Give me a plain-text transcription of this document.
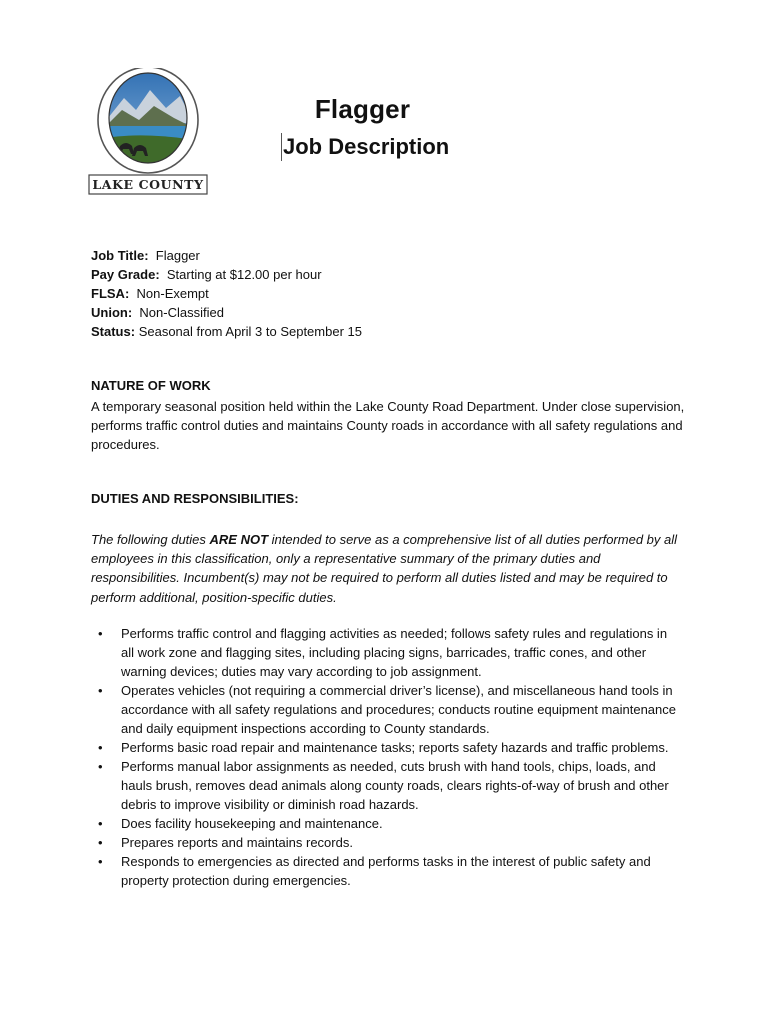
LAKE COUNTY
Flagger
Job Description
Job Title: Flagger
Pay Grade: Starting at $12.00 per hour
FLSA: Non-Exempt
Union: Non-Classified
Status: Seasonal from April 3 to September 15
NATURE OF WORK
A temporary seasonal position held within the Lake County Road Department. Under close supervision, performs traffic control duties and maintains County roads in accordance with all safety regulations and procedures.
DUTIES AND RESPONSIBILITIES:
The following duties ARE NOT intended to serve as a comprehensive list of all duties performed by all employees in this classification, only a representative summary of the primary duties and responsibilities. Incumbent(s) may not be required to perform all duties listed and may be required to perform additional, position-specific duties.
• Performs traffic control and flagging activities as needed; follows safety rules and regulations in all work zone and flagging sites, including placing signs, barricades, traffic cones, and other warning devices; duties may vary according to job assignment.
• Operates vehicles (not requiring a commercial driver’s license), and miscellaneous hand tools in accordance with all safety regulations and procedures; conducts routine equipment maintenance and daily equipment inspections according to County standards.
• Performs basic road repair and maintenance tasks; reports safety hazards and traffic problems.
• Performs manual labor assignments as needed, cuts brush with hand tools, chips, loads, and hauls brush, removes dead animals along county roads, clears rights-of-way of brush and other debris to improve visibility or diminish road hazards.
• Does facility housekeeping and maintenance.
• Prepares reports and maintains records.
• Responds to emergencies as directed and performs tasks in the interest of public safety and property protection during emergencies.
